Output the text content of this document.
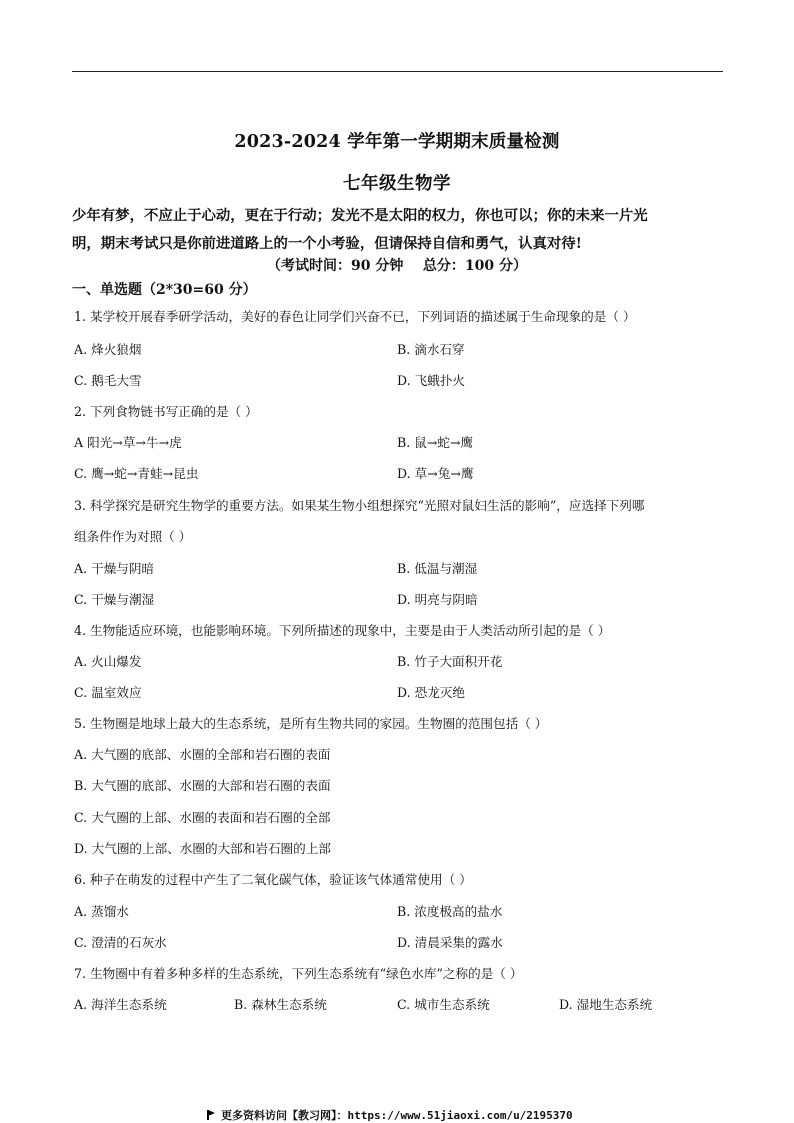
2023-2024 学年第一学期期末质量检测
七年级生物学
少年有梦，不应止于心动，更在于行动；发光不是太阳的权力，你也可以；你的未来一片光
明，期末考试只是你前进道路上的一个小考验，但请保持自信和勇气，认真对待!
（考试时间：90 分钟    总分：100 分）
一、单选题（2*30=60 分）
1. 某学校开展春季研学活动，美好的春色让同学们兴奋不已，下列词语的描述属于生命现象的是（ ）
A. 烽火狼烟	B. 滴水石穿
C. 鹅毛大雪	D. 飞蛾扑火
2. 下列食物链书写正确的是（ ）
A 阳光→草→牛→虎	B. 鼠→蛇→鹰
C. 鹰→蛇→青蛙→昆虫	D. 草→兔→鹰
3. 科学探究是研究生物学的重要方法。如果某生物小组想探究“光照对鼠妇生活的影响”，应选择下列哪
组条件作为对照（ ）
A. 干燥与阴暗	B. 低温与潮湿
C. 干燥与潮湿	D. 明亮与阴暗
4. 生物能适应环境，也能影响环境。下列所描述的现象中，主要是由于人类活动所引起的是（ ）
A. 火山爆发	B. 竹子大面积开花
C. 温室效应	D. 恐龙灭绝
5. 生物圈是地球上最大的生态系统，是所有生物共同的家园。生物圈的范围包括（ ）
A. 大气圈的底部、水圈的全部和岩石圈的表面
B. 大气圈的底部、水圈的大部和岩石圈的表面
C. 大气圈的上部、水圈的表面和岩石圈的全部
D. 大气圈的上部、水圈的大部和岩石圈的上部
6. 种子在萌发的过程中产生了二氧化碳气体，验证该气体通常使用（ ）
A. 蒸馏水	B. 浓度极高的盐水
C. 澄清的石灰水	D. 清晨采集的露水
7. 生物圈中有着多种多样的生态系统，下列生态系统有“绿色水库”之称的是（ ）
A. 海洋生态系统	B. 森林生态系统	C. 城市生态系统	D. 湿地生态系统
更多资料访问【教习网】：https://www.51jiaoxi.com/u/2195370
